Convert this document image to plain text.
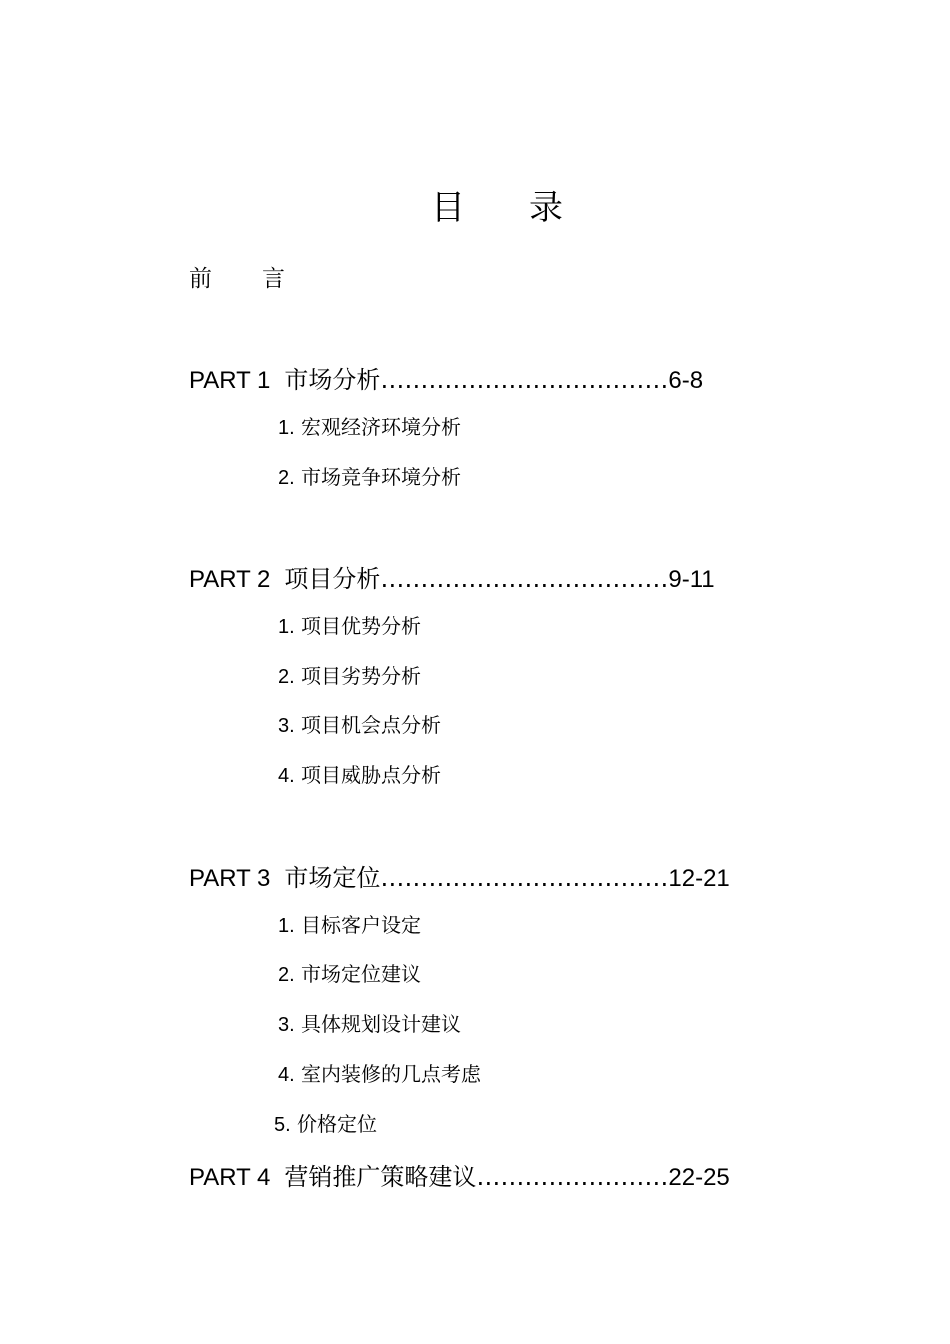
目 录
前 言
PART 1 市场分析………………………………6-8
1. 宏观经济环境分析
2. 市场竞争环境分析
PART 2 项目分析………………………………9-11
1. 项目优势分析
2. 项目劣势分析
3. 项目机会点分析
4. 项目威胁点分析
PART 3 市场定位………………………………12-21
1. 目标客户设定
2. 市场定位建议
3. 具体规划设计建议
4. 室内装修的几点考虑
5. 价格定位
PART 4 营销推广策略建议……………………22-25
